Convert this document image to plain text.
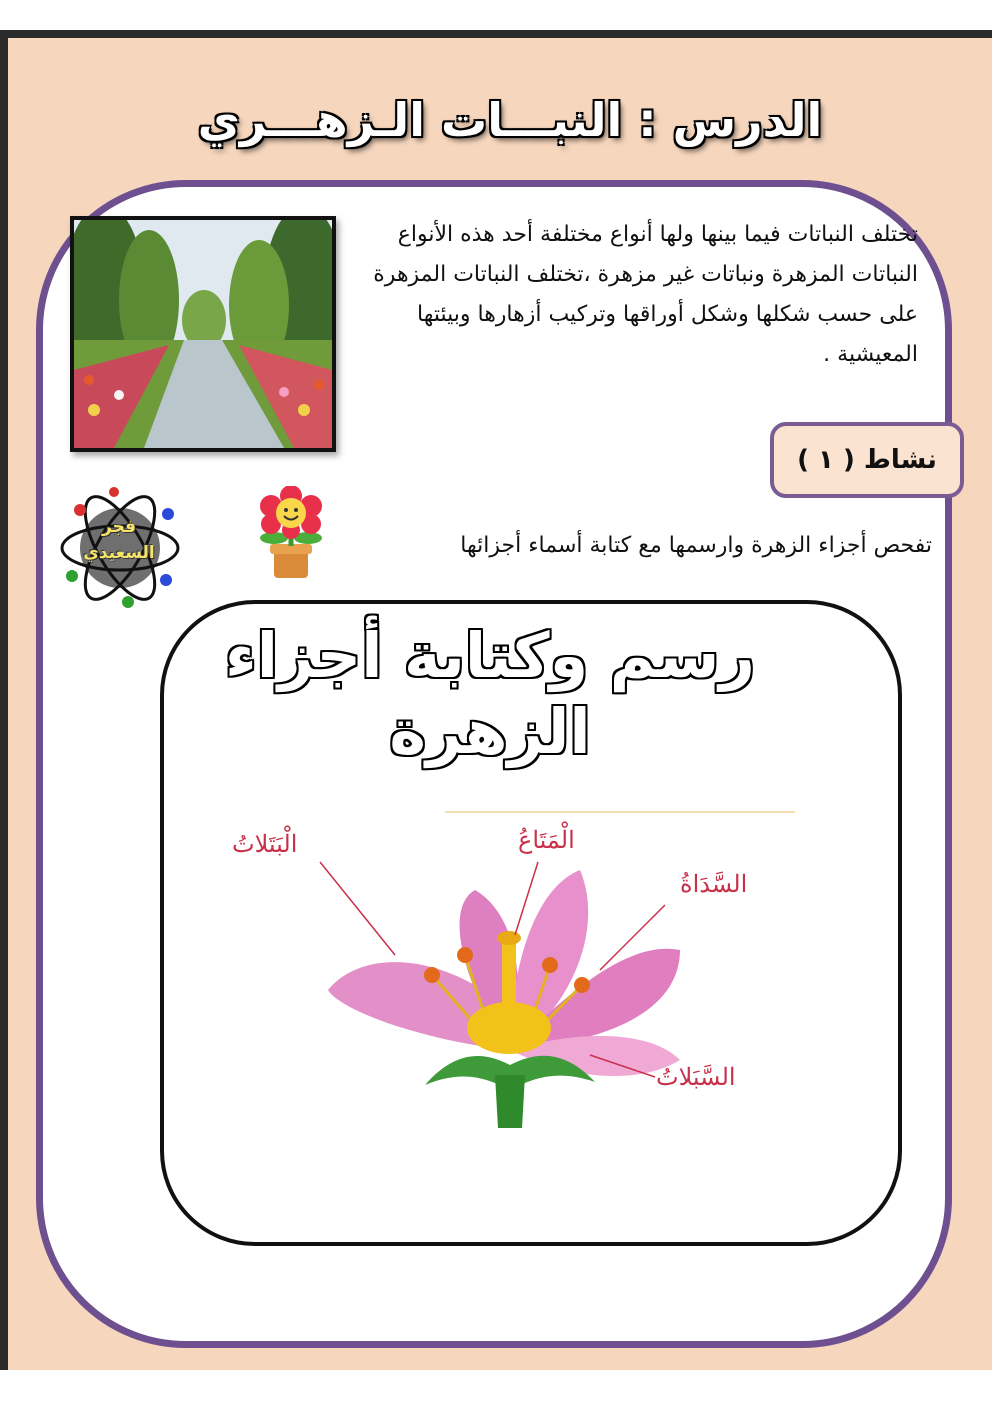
الدرس : النبـــات الـزهـــري
تختلف النباتات فيما بينها ولها أنواع مختلفة أحد هذه الأنواع النباتات المزهرة ونباتات غير مزهرة ،تختلف النباتات المزهرة على حسب شكلها وشكل أوراقها وتركيب أزهارها وبيئتها المعيشية .
نشاط ( ١ )
تفحص أجزاء الزهرة وارسمها مع كتابة أسماء أجزائها
فجر
السعيدي
رسم وكتابة أجزاء
الزهرة
الْبَتَلاتُ	الْمَتَاعُ
السَّدَاةُ
السَّبَلاتُ
